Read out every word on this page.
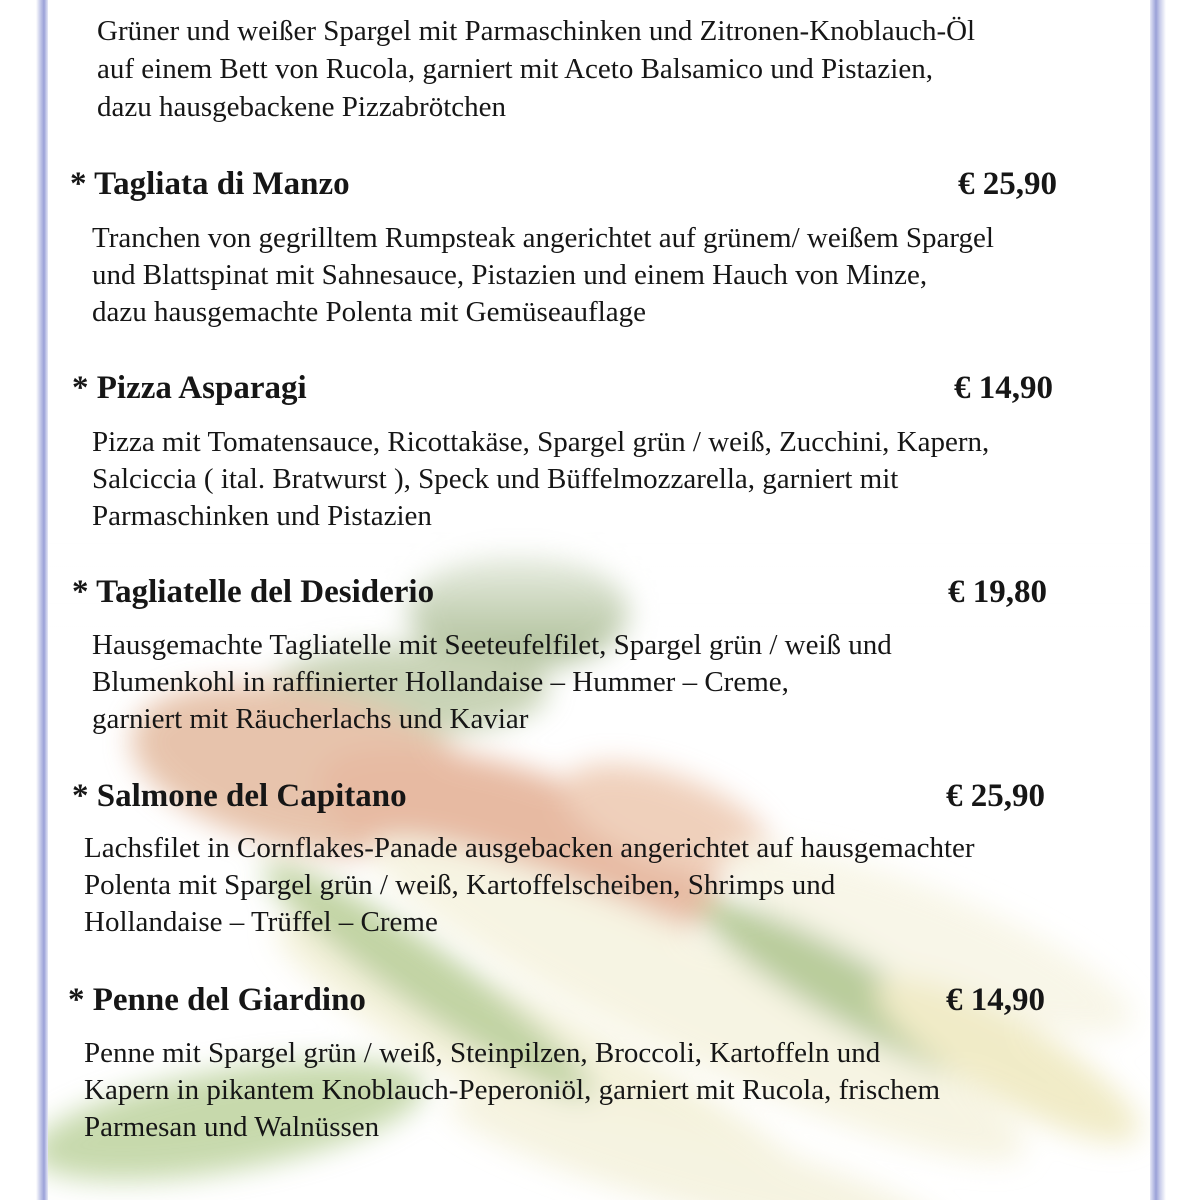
Grüner und weißer Spargel mit Parmaschinken und Zitronen-Knoblauch-Öl
auf einem Bett von Rucola, garniert mit Aceto Balsamico und Pistazien,
dazu hausgebackene Pizzabrötchen

* Tagliata di Manzo	€ 25,90

Tranchen von gegrilltem Rumpsteak angerichtet auf grünem/ weißem Spargel
und Blattspinat mit Sahnesauce, Pistazien und einem Hauch von Minze,
dazu hausgemachte Polenta mit Gemüseauflage

* Pizza Asparagi	€ 14,90

Pizza mit Tomatensauce, Ricottakäse, Spargel grün / weiß, Zucchini, Kapern,
Salciccia ( ital. Bratwurst ), Speck und Büffelmozzarella, garniert mit
Parmaschinken und Pistazien

* Tagliatelle del Desiderio	€ 19,80

Hausgemachte Tagliatelle mit Seeteufelfilet, Spargel grün / weiß und
Blumenkohl in raffinierter Hollandaise – Hummer – Creme,
garniert mit Räucherlachs und Kaviar

* Salmone del Capitano	€ 25,90

Lachsfilet in Cornflakes-Panade ausgebacken angerichtet auf hausgemachter
Polenta mit Spargel grün / weiß, Kartoffelscheiben, Shrimps und
Hollandaise – Trüffel – Creme

* Penne del Giardino	€ 14,90

Penne mit Spargel grün / weiß, Steinpilzen, Broccoli, Kartoffeln und
Kapern in pikantem Knoblauch-Peperoniöl, garniert mit Rucola, frischem
Parmesan und Walnüssen
